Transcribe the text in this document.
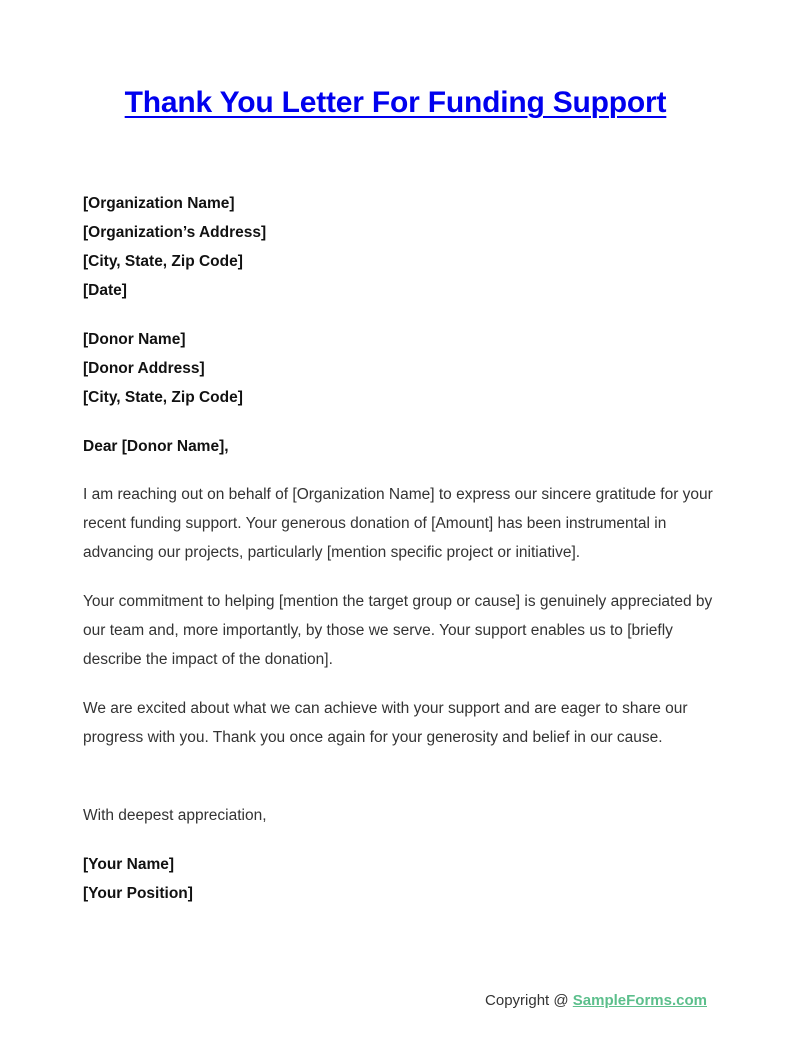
Thank You Letter For Funding Support
[Organization Name]
[Organization’s Address]
[City, State, Zip Code]
[Date]
[Donor Name]
[Donor Address]
[City, State, Zip Code]
Dear [Donor Name],

I am reaching out on behalf of [Organization Name] to express our sincere gratitude for your recent funding support. Your generous donation of [Amount] has been instrumental in advancing our projects, particularly [mention specific project or initiative].

Your commitment to helping [mention the target group or cause] is genuinely appreciated by our team and, more importantly, by those we serve. Your support enables us to [briefly describe the impact of the donation].

We are excited about what we can achieve with your support and are eager to share our progress with you. Thank you once again for your generosity and belief in our cause.

With deepest appreciation,

[Your Name]
[Your Position]
Copyright @ SampleForms.com
